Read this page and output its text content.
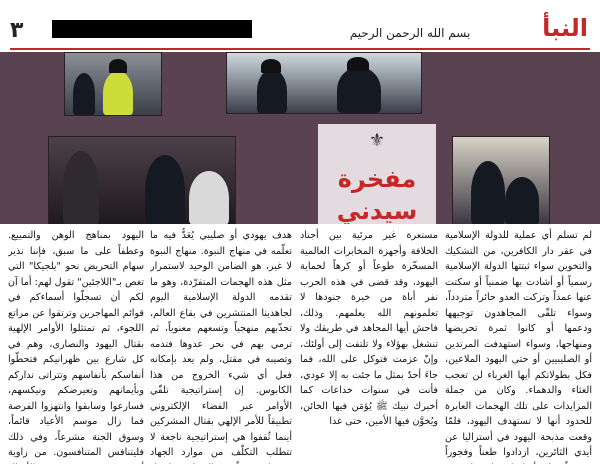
٣	بسم الله الرحمن الرحيم	النبأ
⚜
مفخرة
سيدني

لم تسلم أي عملية للدولة الإسلامية في عقر دار الكافرين، من التشكيك والتخوين سواء ثبتتها الدولة الإسلامية رسمياً أو أشادت بها ضمنياً أو سكتت عنها عمداً وتركت العدو حائراً متردداً، وسواء تلقّى المجاهدون توجيهها ودعمها أو كانوا ثمرة تحريضها ومنهاجها، وسواء استهدفت المرتدين أو الصليبيين أو حتى اليهود الملاعين، فكل بطولاتكم أيها الغرباء لن تعجب الغثاء والدهماء. وكان من جملة المزايدات على تلك الهجمات العابرة للحدود أنها لا تستهدف اليهود، فلمّا وقعت مذبحة اليهود في أستراليا عن أيدي الثائرين، ازدادوا طعناً وفجوراً

مستعرة غير مرئية بين أجناد الخلافة وأجهزة المخابرات العالمية المسخّرة طوعاً أو كرهاً لحماية اليهود، وقد قضى في هذه الحرب نفر أباة من خيرة جنودها لا تعلمونهم الله يعلمهم. وذلك، فاحش أيها المجاهد في طريقك ولا تنشغل بهؤلاء ولا تلتفت إلى أولئك، وإنّ عزمت فتوكل على الله، فما جاءَ أحدٌ بمثل ما جئت به إلا عودي، فأنت في سنوات خداعات كما أخبرك نبيك ﷺ يُؤمَن فيها الخائن، ويُخوَّن فيها الأمين، حتى غدا

هدف يهودي أو صليبي يُعَدُّ فيه ما تعلّمه في منهاج النبوة. منهاج النبوة لا غير، هو الضامن الوحيد لاستمرار مثل هذه الهجمات المتفرّدة، وهو ما تقدمه الدولة الإسلامية اليوم لجاهدينا المنتشرين في بقاع العالم، تجذّبهم منهجياً وتسعهم معنوياً، ثم ترمي بهم في نحر عدوها فتدمه وتصيبه في مقتل، ولم يعد بإمكانه فعل أي شيء الخروج من هذا الكابوس. إن إستراتيجية تلقّي الأوامر عبر الفضاء الإلكتروني تطبيقاً للأمر الإلهي بقتال المشركين أينما ثُقفوا هي إستراتيجية ناجعة لا تتطلب التكلّف من موارد الجهاد

اليهود بمناهج الوهن والتمييع. وعطفاً على ما سبق، فإننا نذير سهام التحريض نحو "يلجيكا" التي تغص بـ"اللاجئين" تقول لهم: أما آن لكم أن تسجلّوا أسماءكم في قوائم المهاجرين وترتقوا عن مراتع اللجوء، ثم تمتثلوا الأوامر الإلهية بقتال اليهود والنصارى، وهم في كل شارع بين ظهرانيكم فتحطّوا أنفاسكم بأنفاسهم وتتراتى نداركم وبأيمانهم وتعيرضكم ونيكسهم، فسارعوا وسابقوا وانتهزوا الفرصة فما زال موسم الأعياد قائماً، وسوق الجنة مشرعاً، وفي ذلك فليتنافس المتنافسون. من زاوية
